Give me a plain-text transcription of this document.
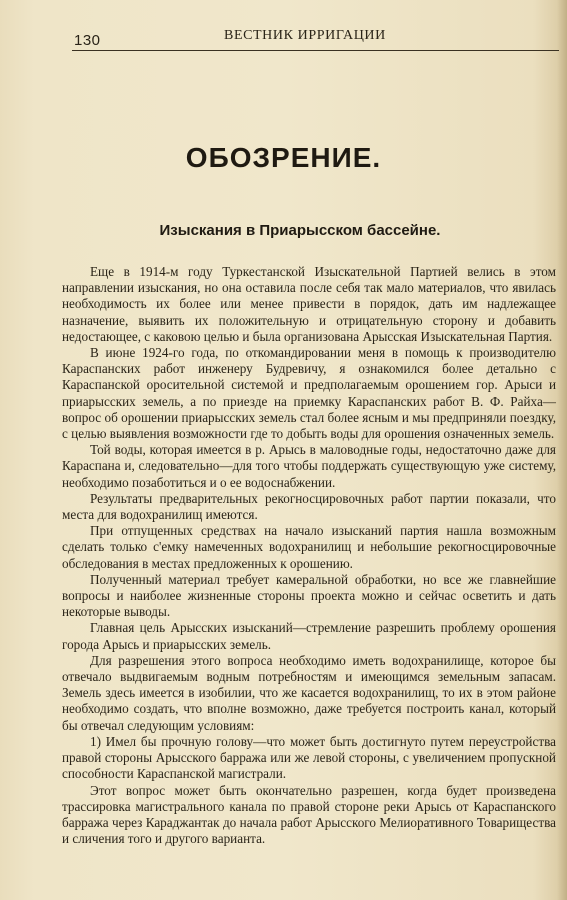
130	ВЕСТНИК ИРРИГАЦИИ
ОБОЗРЕНИЕ.
Изыскания в Приарысском бассейне.

Еще в 1914-м году Туркестанской Изыскательной Партией велись в этом направлении изыскания, но она оставила после себя так мало материалов, что явилась необходимость их более или менее привести в порядок, дать им надлежащее назначение, выявить их положительную и отрицательную сторону и добавить недостающее, с каковою целью и была организована Арысская Изыскательная Партия.

В июне 1924-го года, по откомандировании меня в помощь к производителю Караспанских работ инженеру Будревичу, я ознакомился более детально с Караспанской оросительной системой и предполагаемым орошением гор. Арыси и приарысских земель, а по приезде на приемку Караспанских работ В. Ф. Райха—вопрос об орошении приарысских земель стал более ясным и мы предприняли поездку, с целью выявления возможности где то добыть воды для орошения означенных земель.

Той воды, которая имеется в р. Арысь в маловодные годы, недостаточно даже для Караспана и, следовательно—для того чтобы поддержать существующую уже систему, необходимо позаботиться и о ее водоснабжении.

Результаты предварительных рекогносцировочных работ партии показали, что места для водохранилищ имеются.

При отпущенных средствах на начало изысканий партия нашла возможным сделать только с'емку намеченных водохранилищ и небольшие рекогносцировочные обследования в местах предложенных к орошению.

Полученный материал требует камеральной обработки, но все же главнейшие вопросы и наиболее жизненные стороны проекта можно и сейчас осветить и дать некоторые выводы.

Главная цель Арысских изысканий—стремление разрешить проблему орошения города Арысь и приарысских земель.

Для разрешения этого вопроса необходимо иметь водохранилище, которое бы отвечало выдвигаемым водным потребностям и имеющимся земельным запасам. Земель здесь имеется в изобилии, что же касается водохранилищ, то их в этом районе необходимо создать, что вполне возможно, даже требуется построить канал, который бы отвечал следующим условиям:

1) Имел бы прочную голову—что может быть достигнуто путем переустройства правой стороны Арысского барража или же левой стороны, с увеличением пропускной способности Караспанской магистрали.

Этот вопрос может быть окончательно разрешен, когда будет произведена трассировка магистрального канала по правой стороне реки Арысь от Караспанского барража через Караджантак до начала работ Арысского Мелиоративного Товарищества и сличения того и другого варианта.
